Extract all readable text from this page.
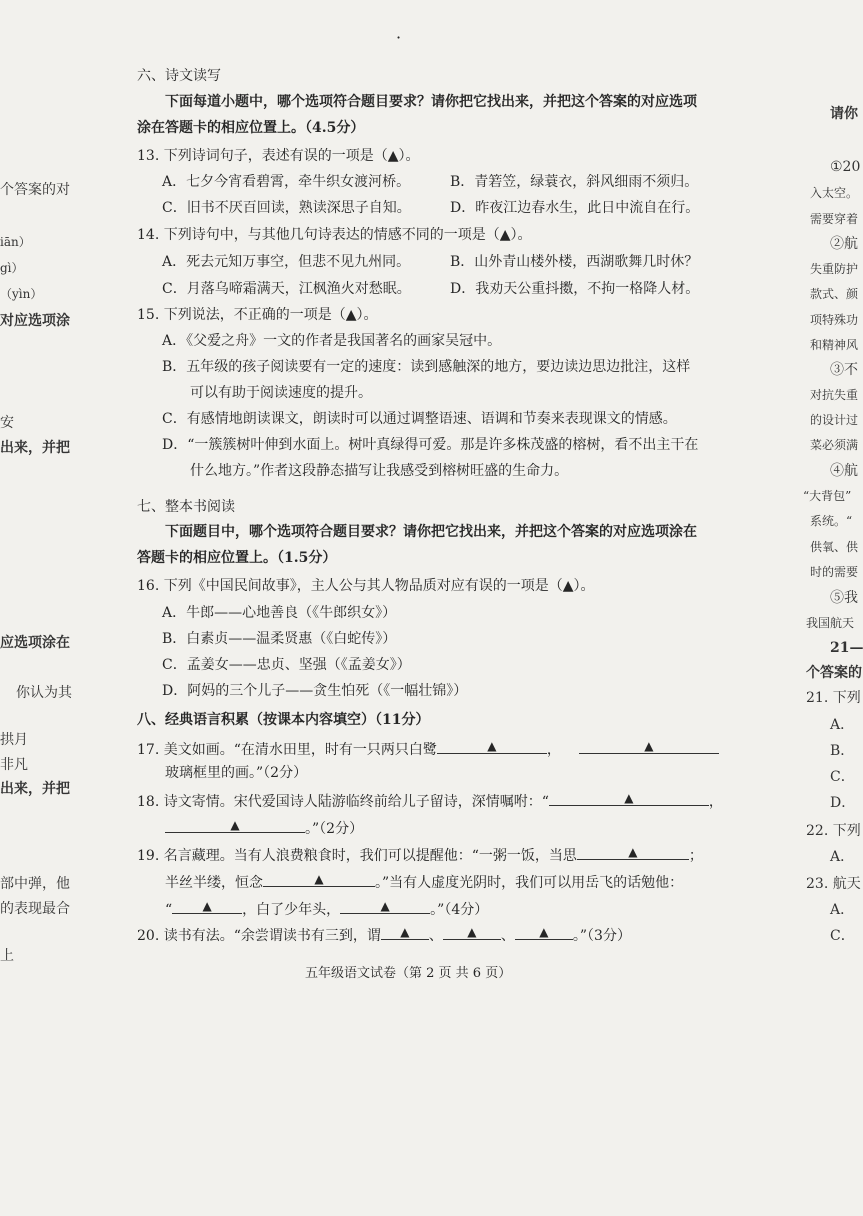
·
个答案的对
iān）
gì）
（yìn）
对应选项涂
安
出来，并把
应选项涂在
你认为其
拱月
非凡
出来，并把
部中弹，他
的表现最合
上
请你
①20
入太空。
需要穿着
②航
失重防护
款式、颜
项特殊功
和精神风
③不
对抗失重
的设计过
菜必须满
④航
“大背包”
系统。“
供氧、供
时的需要
⑤我
我国航天
21—
个答案的
21. 下列
A．
B．
C．
D．
22. 下列
A．
23. 航天
A．
C．
六、诗文读写
下面每道小题中，哪个选项符合题目要求？请你把它找出来，并把这个答案的对应选项
涂在答题卡的相应位置上。（4.5分）
13. 下列诗词句子，表述有误的一项是（▲）。
A．七夕今宵看碧霄，牵牛织女渡河桥。	B．青箬笠，绿蓑衣，斜风细雨不须归。
C．旧书不厌百回读，熟读深思子自知。	D．昨夜江边春水生，此日中流自在行。
14. 下列诗句中，与其他几句诗表达的情感不同的一项是（▲）。
A．死去元知万事空，但悲不见九州同。	B．山外青山楼外楼，西湖歌舞几时休？
C．月落乌啼霜满天，江枫渔火对愁眠。	D．我劝天公重抖擞，不拘一格降人材。
15. 下列说法，不正确的一项是（▲）。
A．《父爱之舟》一文的作者是我国著名的画家吴冠中。
B．五年级的孩子阅读要有一定的速度：读到感触深的地方，要边读边思边批注，这样
可以有助于阅读速度的提升。
C．有感情地朗读课文，朗读时可以通过调整语速、语调和节奏来表现课文的情感。
D．“一簇簇树叶伸到水面上。树叶真绿得可爱。那是许多株茂盛的榕树，看不出主干在
什么地方。”作者这段静态描写让我感受到榕树旺盛的生命力。
七、整本书阅读
下面题目中，哪个选项符合题目要求？请你把它找出来，并把这个答案的对应选项涂在
答题卡的相应位置上。（1.5分）
16. 下列《中国民间故事》，主人公与其人物品质对应有误的一项是（▲）。
A．牛郎——心地善良（《牛郎织女》）
B．白素贞——温柔贤惠（《白蛇传》）
C．孟姜女——忠贞、坚强（《孟姜女》）
D．阿妈的三个儿子——贪生怕死（《一幅壮锦》）
八、经典语言积累（按课本内容填空）（11分）
17. 美文如画。“在清水田里，时有一只两只白鹭	▲	，	▲
玻璃框里的画。”（2分）
18. 诗文寄情。宋代爱国诗人陆游临终前给儿子留诗，深情嘱咐：“	▲	，
▲	。”（2分）
19. 名言藏理。当有人浪费粮食时，我们可以提醒他：“一粥一饭，当思	▲	；
半丝半缕，恒念	▲	。”当有人虚度光阴时，我们可以用岳飞的话勉他：
“	▲ ，白了少年头，	▲	。”（4分）
20. 读书有法。“余尝谓读书有三到，谓 ▲ 、 ▲ 、 ▲ 。”（3分）
五年级语文试卷（第 2 页 共 6 页）
